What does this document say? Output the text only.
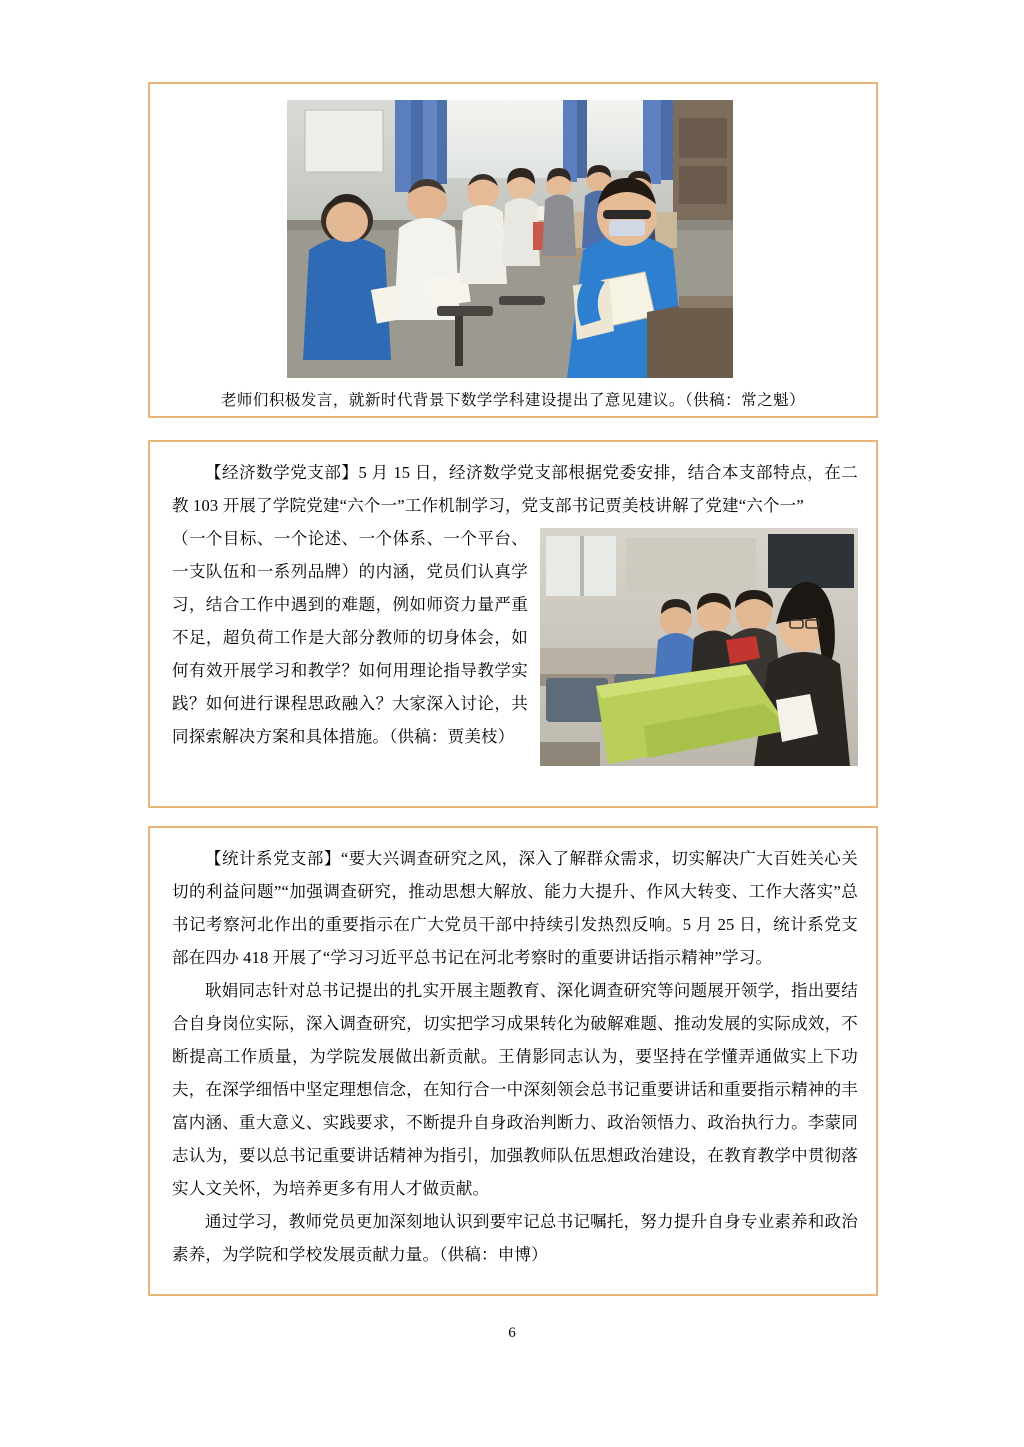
老师们积极发言，就新时代背景下数学学科建设提出了意见建议。（供稿：常之魁）
【经济数学党支部】5 月 15 日，经济数学党支部根据党委安排，结合本支部特点，在二教 103 开展了学院党建“六个一”工作机制学习，党支部书记贾美枝讲解了党建“六个一”
（一个目标、一个论述、一个体系、一个平台、一支队伍和一系列品牌）的内涵，党员们认真学习，结合工作中遇到的难题，例如师资力量严重不足，超负荷工作是大部分教师的切身体会，如何有效开展学习和教学？如何用理论指导教学实践？如何进行课程思政融入？大家深入讨论，共同探索解决方案和具体措施。（供稿：贾美枝）

【统计系党支部】“要大兴调查研究之风，深入了解群众需求，切实解决广大百姓关心关切的利益问题”“加强调查研究，推动思想大解放、能力大提升、作风大转变、工作大落实”总书记考察河北作出的重要指示在广大党员干部中持续引发热烈反响。5 月 25 日，统计系党支部在四办 418 开展了“学习习近平总书记在河北考察时的重要讲话指示精神”学习。

耿娟同志针对总书记提出的扎实开展主题教育、深化调查研究等问题展开领学，指出要结合自身岗位实际，深入调查研究，切实把学习成果转化为破解难题、推动发展的实际成效，不断提高工作质量，为学院发展做出新贡献。王倩影同志认为，要坚持在学懂弄通做实上下功夫，在深学细悟中坚定理想信念，在知行合一中深刻领会总书记重要讲话和重要指示精神的丰富内涵、重大意义、实践要求，不断提升自身政治判断力、政治领悟力、政治执行力。李蒙同志认为，要以总书记重要讲话精神为指引，加强教师队伍思想政治建设，在教育教学中贯彻落实人文关怀，为培养更多有用人才做贡献。

通过学习，教师党员更加深刻地认识到要牢记总书记嘱托，努力提升自身专业素养和政治素养，为学院和学校发展贡献力量。（供稿：申博）

6
